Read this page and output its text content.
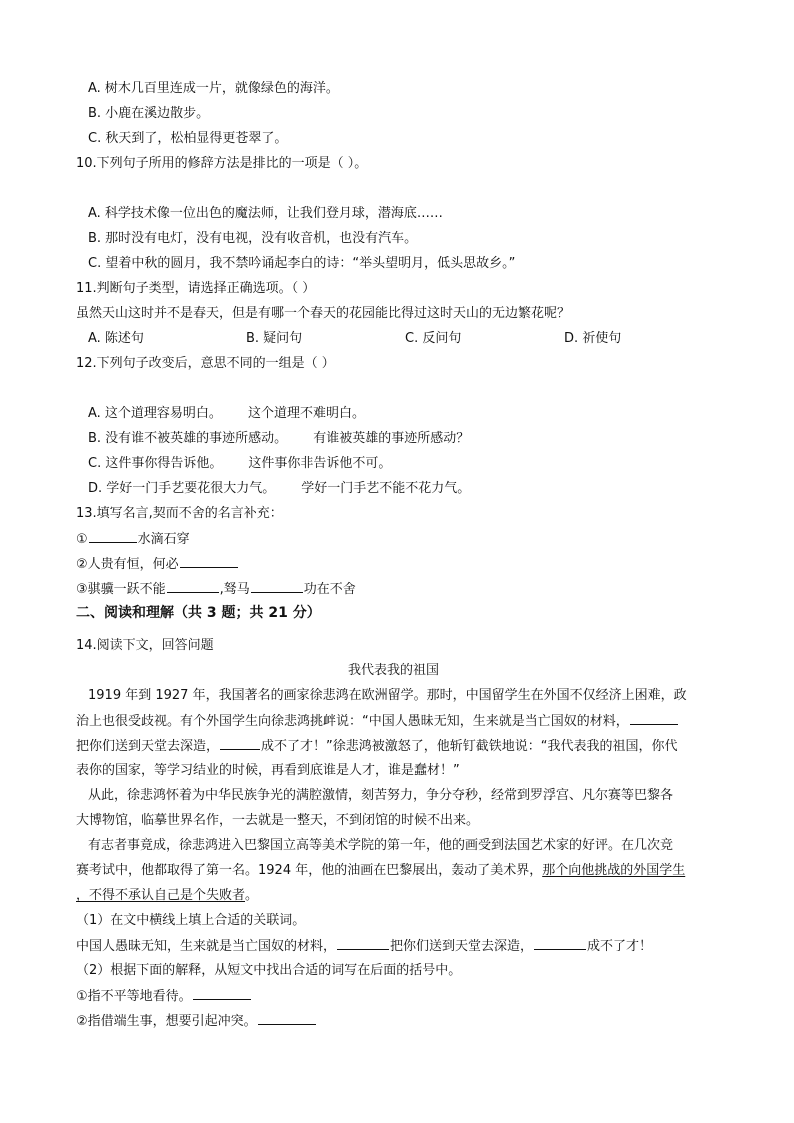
A. 树木几百里连成一片，就像绿色的海洋。
B. 小鹿在溪边散步。
C. 秋天到了，松柏显得更苍翠了。
10.下列句子所用的修辞方法是排比的一项是（ ）。
A. 科学技术像一位出色的魔法师，让我们登月球，潜海底……
B. 那时没有电灯，没有电视，没有收音机，也没有汽车。
C. 望着中秋的圆月，我不禁吟诵起李白的诗：“举头望明月，低头思故乡。”
11.判断句子类型，请选择正确选项。（ ）
虽然天山这时并不是春天，但是有哪一个春天的花园能比得过这时天山的无边繁花呢？
A. 陈述句	B. 疑问句	C. 反问句	D. 祈使句
12.下列句子改变后，意思不同的一组是（ ）
A. 这个道理容易明白。 这个道理不难明白。
B. 没有谁不被英雄的事迹所感动。 有谁被英雄的事迹所感动？
C. 这件事你得告诉他。 这件事你非告诉他不可。
D. 学好一门手艺要花很大力气。 学好一门手艺不能不花力气。
13.填写名言,契而不舍的名言补充：
①	水滴石穿
②人贵有恒，何必
③骐骥一跃不能	,驽马	功在不舍
二、阅读和理解（共 3 题；共 21 分）
14.阅读下文，回答问题
我代表我的祖国
1919 年到 1927 年，我国著名的画家徐悲鸿在欧洲留学。那时，中国留学生在外国不仅经济上困难，政
治上也很受歧视。有个外国学生向徐悲鸿挑衅说：“中国人愚昧无知，生来就是当亡国奴的材料，
把你们送到天堂去深造，	成不了才！”徐悲鸿被激怒了，他斩钉截铁地说：“我代表我的祖国，你代
表你的国家，等学习结业的时候，再看到底谁是人才，谁是蠢材！”
从此，徐悲鸿怀着为中华民族争光的满腔激情，刻苦努力，争分夺秒，经常到罗浮宫、凡尔赛等巴黎各
大博物馆，临摹世界名作，一去就是一整天，不到闭馆的时候不出来。
有志者事竟成，徐悲鸿进入巴黎国立高等美术学院的第一年，他的画受到法国艺术家的好评。在几次竞
赛考试中，他都取得了第一名。1924 年，他的油画在巴黎展出，轰动了美术界，那个向他挑战的外国学生
，不得不承认自己是个失败者。
（1）在文中横线上填上合适的关联词。
中国人愚昧无知，生来就是当亡国奴的材料，	把你们送到天堂去深造，	成不了才！
（2）根据下面的解释，从短文中找出合适的词写在后面的括号中。
①指不平等地看待。
②指借端生事，想要引起冲突。
